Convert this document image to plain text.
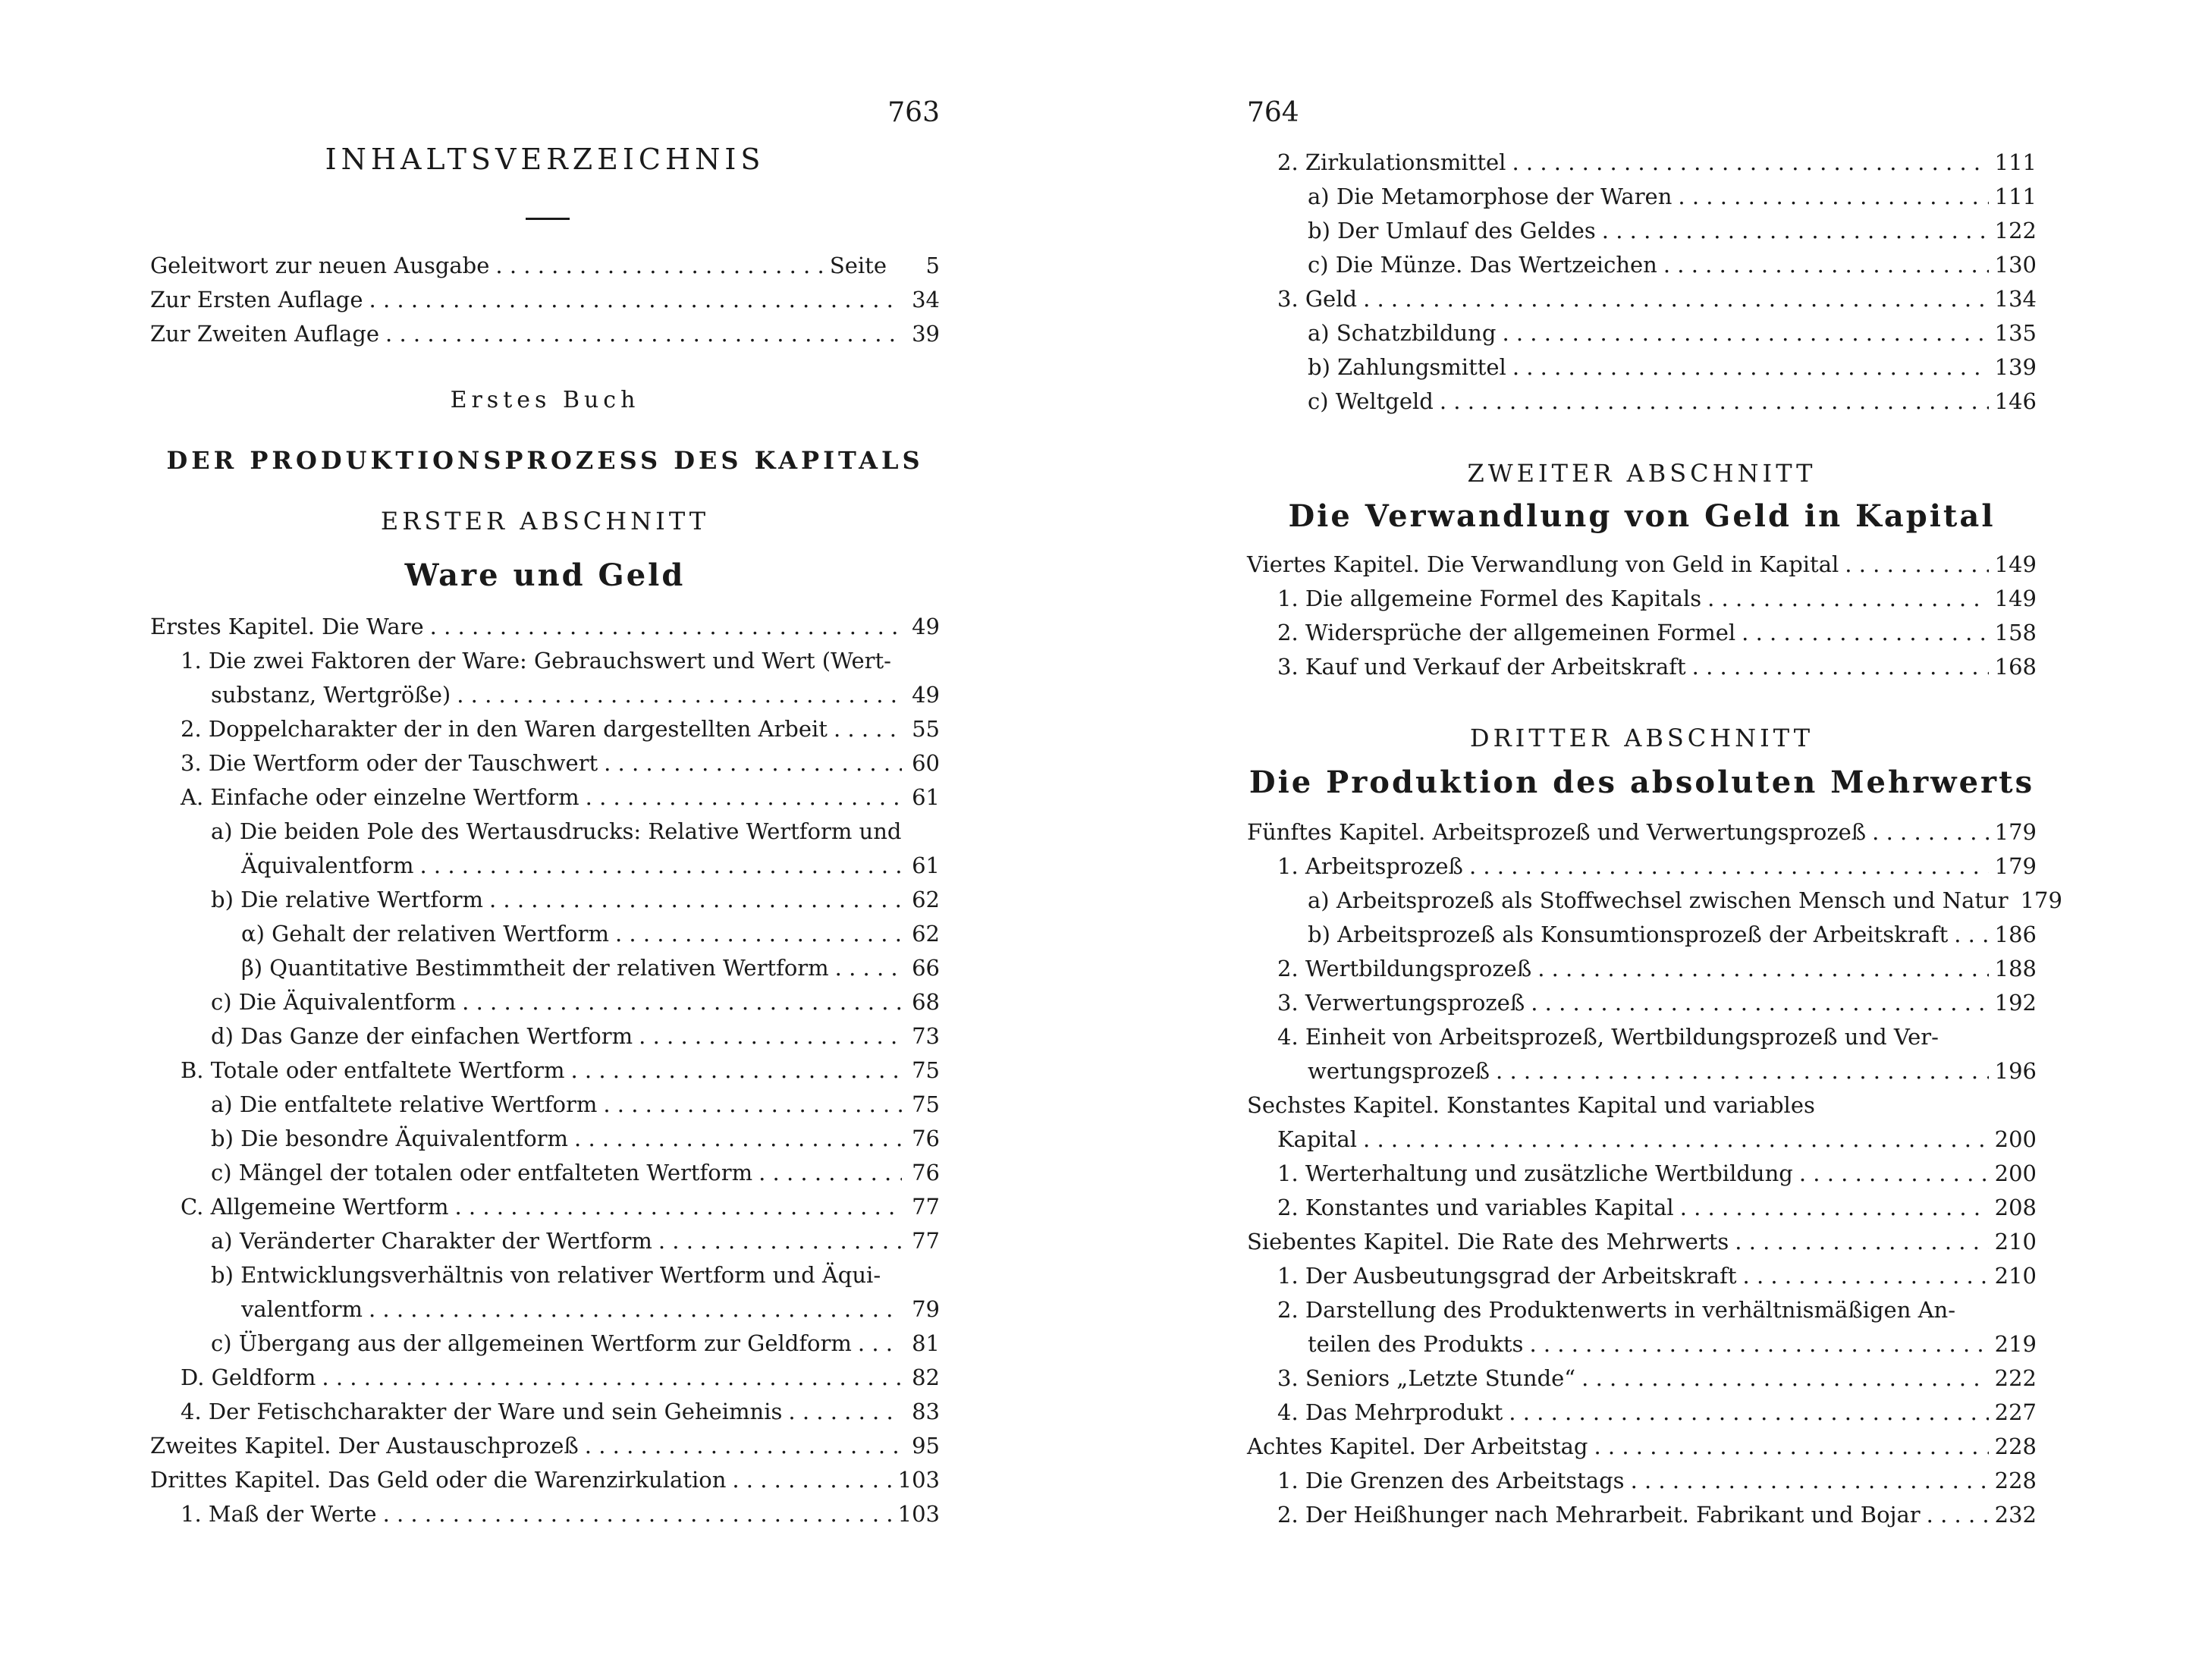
763
INHALTSVERZEICHNIS
Geleitwort zur neuen Ausgabe . . .	Seite	5
Zur Ersten Auflage . . .	34
Zur Zweiten Auflage . . .	39
Erstes Buch
DER PRODUKTIONSPROZESS DES KAPITALS
ERSTER ABSCHNITT
Ware und Geld
Erstes Kapitel. Die Ware . . .	49
1. Die zwei Faktoren der Ware: Gebrauchswert und Wert (Wert-
substanz, Wertgröße) . . .	49
2. Doppelcharakter der in den Waren dargestellten Arbeit . . .	55
3. Die Wertform oder der Tauschwert . . .	60
A. Einfache oder einzelne Wertform . . .	61
a) Die beiden Pole des Wertausdrucks: Relative Wertform und
Äquivalentform . . .	61
b) Die relative Wertform . . .	62
α) Gehalt der relativen Wertform . . .	62
β) Quantitative Bestimmtheit der relativen Wertform . . .	66
c) Die Äquivalentform . . .	68
d) Das Ganze der einfachen Wertform . . .	73
B. Totale oder entfaltete Wertform . . .	75
a) Die entfaltete relative Wertform . . .	75
b) Die besondre Äquivalentform . . .	76
c) Mängel der totalen oder entfalteten Wertform . . .	76
C. Allgemeine Wertform . . .	77
a) Veränderter Charakter der Wertform . . .	77
b) Entwicklungsverhältnis von relativer Wertform und Äqui-
valentform . . .	79
c) Übergang aus der allgemeinen Wertform zur Geldform . . .	81
D. Geldform . . .	82
4. Der Fetischcharakter der Ware und sein Geheimnis . . .	83
Zweites Kapitel. Der Austauschprozeß . . .	95
Drittes Kapitel. Das Geld oder die Warenzirkulation . . .	103
1. Maß der Werte . . .	103
764
2. Zirkulationsmittel . . .	111
a) Die Metamorphose der Waren . . .	111
b) Der Umlauf des Geldes . . .	122
c) Die Münze. Das Wertzeichen . . .	130
3. Geld . . .	134
a) Schatzbildung . . .	135
b) Zahlungsmittel . . .	139
c) Weltgeld . . .	146
ZWEITER ABSCHNITT
Die Verwandlung von Geld in Kapital
Viertes Kapitel. Die Verwandlung von Geld in Kapital . . .	149
1. Die allgemeine Formel des Kapitals . . .	149
2. Widersprüche der allgemeinen Formel . . .	158
3. Kauf und Verkauf der Arbeitskraft . . .	168
DRITTER ABSCHNITT
Die Produktion des absoluten Mehrwerts
Fünftes Kapitel. Arbeitsprozeß und Verwertungsprozeß . . .	179
1. Arbeitsprozeß . . .	179
a) Arbeitsprozeß als Stoffwechsel zwischen Mensch und Natur 179
b) Arbeitsprozeß als Konsumtionsprozeß der Arbeitskraft . . . 186
2. Wertbildungsprozeß . . .	188
3. Verwertungsprozeß . . .	192
4. Einheit von Arbeitsprozeß, Wertbildungsprozeß und Ver-
wertungsprozeß . . .	196
Sechstes Kapitel. Konstantes Kapital und variables
Kapital . . .	200
1. Werterhaltung und zusätzliche Wertbildung . . .	200
2. Konstantes und variables Kapital . . .	208
Siebentes Kapitel. Die Rate des Mehrwerts . . .	210
1. Der Ausbeutungsgrad der Arbeitskraft . . .	210
2. Darstellung des Produktenwerts in verhältnismäßigen An-
teilen des Produkts . . .	219
3. Seniors „Letzte Stunde“ . . .	222
4. Das Mehrprodukt . . .	227
Achtes Kapitel. Der Arbeitstag . . .	228
1. Die Grenzen des Arbeitstags . . .	228
2. Der Heißhunger nach Mehrarbeit. Fabrikant und Bojar . . .	232
